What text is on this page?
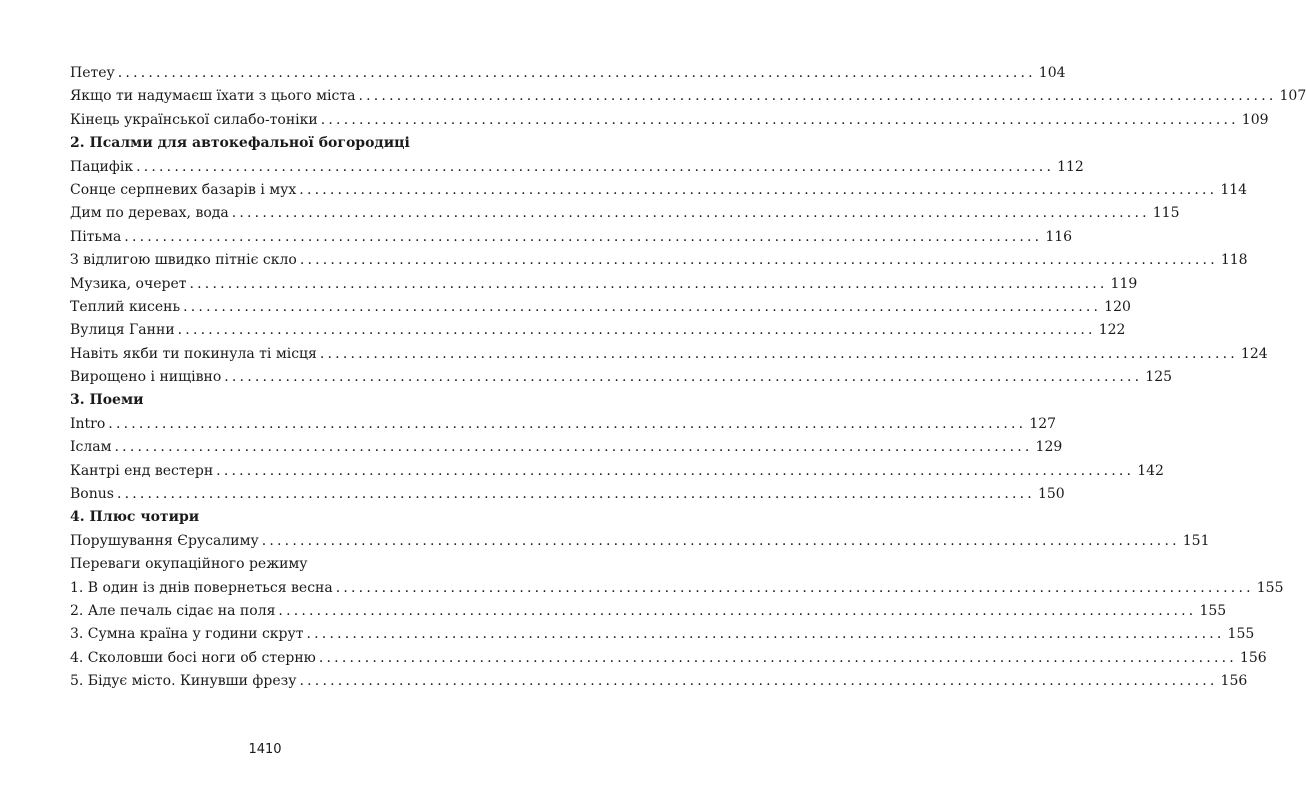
Петеу ........................................................................................................................ 104
Якщо ти надумаєш їхати з цього міста ........................................................................................................................ 107
Кінець української силабо-тоніки ........................................................................................................................ 109
2. Псалми для автокефальної богородиці
Пацифік ........................................................................................................................ 112
Сонце серпневих базарів і мух ........................................................................................................................ 114
Дим по деревах, вода ........................................................................................................................ 115
Пітьма ........................................................................................................................ 116
З відлигою швидко пітніє скло ........................................................................................................................ 118
Музика, очерет ........................................................................................................................ 119
Теплий кисень ........................................................................................................................ 120
Вулиця Ганни ........................................................................................................................ 122
Навіть якби ти покинула ті місця ........................................................................................................................ 124
Вирощено і нищівно ........................................................................................................................ 125
3. Поеми
Intro ........................................................................................................................ 127
Іслам ........................................................................................................................ 129
Кантрі енд вестерн ........................................................................................................................ 142
Bonus ........................................................................................................................ 150
4. Плюс чотири
Порушування Єрусалиму ........................................................................................................................ 151
Переваги окупаційного режиму
1. В один із днів повернеться весна ........................................................................................................................ 155
2. Але печаль сідає на поля ........................................................................................................................ 155
3. Сумна країна у години скрут ........................................................................................................................ 155
4. Сколовши босі ноги об стерню ........................................................................................................................ 156
5. Бідує місто. Кинувши фрезу ........................................................................................................................ 156
1410
